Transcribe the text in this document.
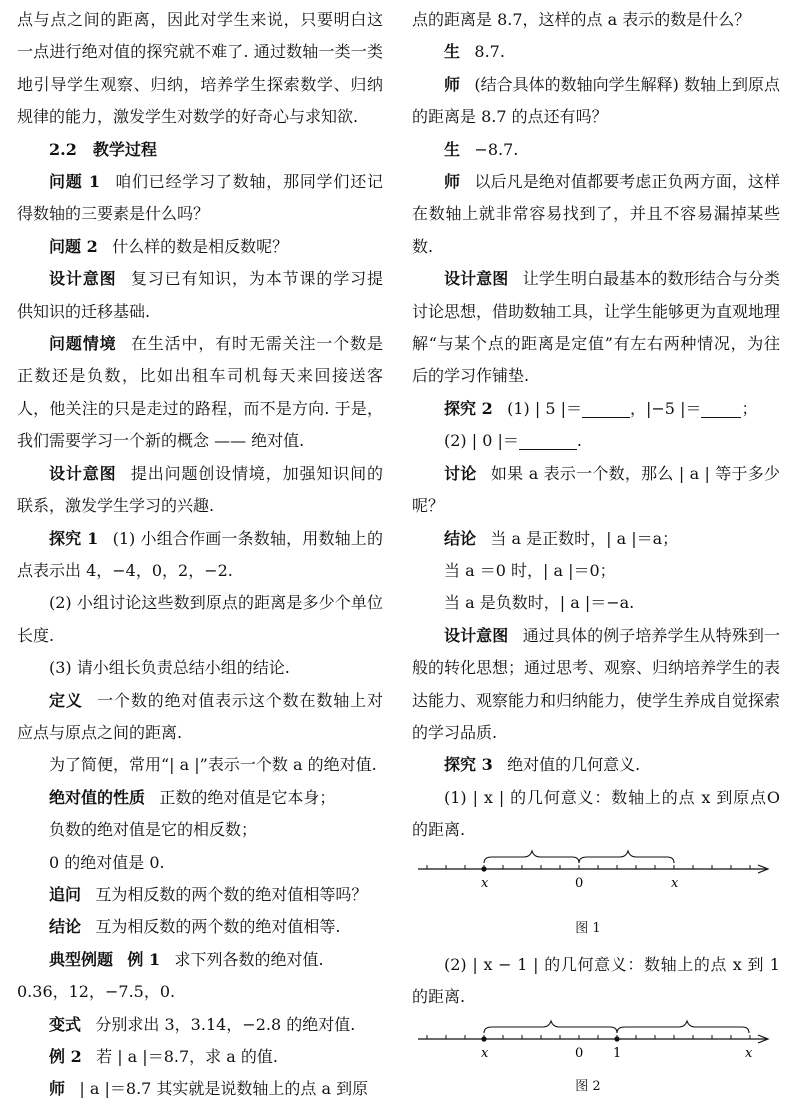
点与点之间的距离，因此对学生来说，只要明白这一点进行绝对值的探究就不难了. 通过数轴一类一类地引导学生观察、归纳，培养学生探索数学、归纳规律的能力，激发学生对数学的好奇心与求知欲.

2.2　教学过程

问题 1 咱们已经学习了数轴，那同学们还记得数轴的三要素是什么吗？

问题 2 什么样的数是相反数呢？

设计意图 复习已有知识，为本节课的学习提供知识的迁移基础.

问题情境 在生活中，有时无需关注一个数是正数还是负数，比如出租车司机每天来回接送客人，他关注的只是走过的路程，而不是方向. 于是，我们需要学习一个新的概念 —— 绝对值.

设计意图 提出问题创设情境，加强知识间的联系，激发学生学习的兴趣.

探究 1 (1) 小组合作画一条数轴，用数轴上的点表示出 4，−4，0，2，−2.

(2) 小组讨论这些数到原点的距离是多少个单位长度.

(3) 请小组长负责总结小组的结论.

定义 一个数的绝对值表示这个数在数轴上对应点与原点之间的距离.

为了简便，常用“| a |”表示一个数 a 的绝对值.

绝对值的性质 正数的绝对值是它本身；

负数的绝对值是它的相反数；

0 的绝对值是 0.

追问 互为相反数的两个数的绝对值相等吗？

结论 互为相反数的两个数的绝对值相等.

典型例题 例 1 求下列各数的绝对值.

0.36，12，−7.5，0.

变式 分别求出 3，3.14，−2.8 的绝对值.

例 2 若 | a |＝8.7，求 a 的值.

师 | a |＝8.7 其实就是说数轴上的点 a 到原

点的距离是 8.7，这样的点 a 表示的数是什么？

生 8.7.

师 (结合具体的数轴向学生解释) 数轴上到原点的距离是 8.7 的点还有吗？

生 −8.7.

师 以后凡是绝对值都要考虑正负两方面，这样在数轴上就非常容易找到了，并且不容易漏掉某些数.

设计意图 让学生明白最基本的数形结合与分类讨论思想，借助数轴工具，让学生能够更为直观地理解“与某个点的距离是定值”有左右两种情况，为往后的学习作铺垫.

探究 2 (1) | 5 |＝	，|−5 |＝	；

(2) | 0 |＝	.

讨论 如果 a 表示一个数，那么 | a | 等于多少呢？

结论 当 a 是正数时，| a |＝a；

当 a ＝0 时，| a |＝0；

当 a 是负数时，| a |＝−a.

设计意图 通过具体的例子培养学生从特殊到一般的转化思想；通过思考、观察、归纳培养学生的表达能力、观察能力和归纳能力，使学生养成自觉探索的学习品质.

探究 3 绝对值的几何意义.

(1) | x | 的几何意义：数轴上的点 x 到原点O 的距离.

x	0	x

图 1

(2) | x − 1 | 的几何意义：数轴上的点 x 到 1 的距离.

x	0 1	x

图 2
